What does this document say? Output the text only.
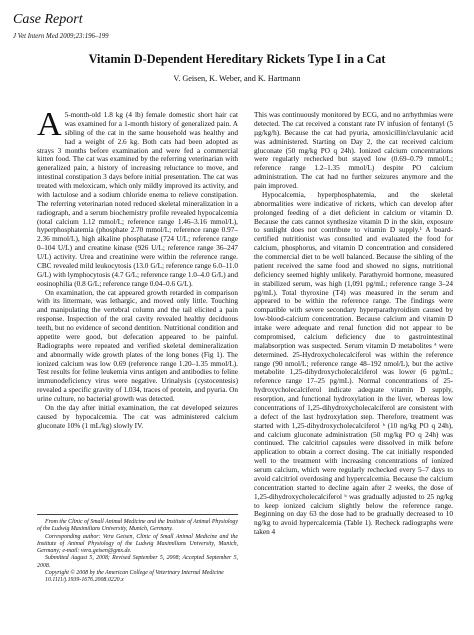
Case Report
J Vet Intern Med 2009;23:196–199
Vitamin D-Dependent Hereditary Rickets Type I in a Cat
V. Geisen, K. Weber, and K. Hartmann

A 5-month-old 1.8 kg (4 lb) female domestic short hair cat was examined for a 1-month history of generalized pain. A sibling of the cat in the same household was healthy and had a weight of 2.6 kg. Both cats had been adopted as strays 3 months before examination and were fed a commercial kitten food. The cat was examined by the referring veterinarian with generalized pain, a history of increasing reluctance to move, and intestinal constipation 3 days before initial presentation. The cat was treated with meloxicam, which only mildly improved its activity, and with lactulose and a sodium chloride enema to relieve constipation. The referring veterinarian noted reduced skeletal mineralization in a radiograph, and a serum biochemistry profile revealed hypocalcemia (total calcium 1.12 mmol/L; reference range 1.46–3.16 mmol/L), hyperphosphatemia (phosphate 2.70 mmol/L; reference range 0.97–2.36 mmol/L), high alkaline phosphatase (724 U/L; reference range 0–104 U/L) and creatine kinase (926 U/L; reference range 36–247 U/L) activity. Urea and creatinine were within the reference range. CBC revealed mild leukocytosis (13.0 G/L; reference range 6.0–11.0 G/L) with lymphocytosis (4.7 G/L; reference range 1.0–4.0 G/L) and eosinophilia (0.8 G/L; reference range 0.04–0.6 G/L).

On examination, the cat appeared growth retarded in comparison with its littermate, was lethargic, and moved only little. Touching and manipulating the vertebral column and the tail elicited a pain response. Inspection of the oral cavity revealed healthy deciduous teeth, but no evidence of second dentition. Nutritional condition and appetite were good, but defecation appeared to be painful. Radiographs were repeated and verified skeletal demineralization and abnormally wide growth plates of the long bones (Fig 1). The ionized calcium was low 0.69 (reference range 1.20–1.35 mmol/L). Test results for feline leukemia virus antigen and antibodies to feline immunodeficiency virus were negative. Urinalysis (cystocentesis) revealed a specific gravity of 1.034, traces of protein, and pyuria. On urine culture, no bacterial growth was detected.

On the day after initial examination, the cat developed seizures caused by hypocalcemia. The cat was administered calcium gluconate 10% (1 mL/kg) slowly IV.

From the Clinic of Small Animal Medicine and the Institute of Animal Physiology of the Ludwig Maximilians University, Munich, Germany.

Corresponding author: Vera Geisen, Clinic of Small Animal Medicine and the Institute of Animal Physiology of the Ludwig Maximilians University, Munich, Germany; e-mail: vera.geisen@gmx.de.

Submitted August 5, 2008; Revised September 5, 2008; Accepted September 5, 2008.

Copyright © 2008 by the American College of Veterinary Internal Medicine

10.1111/j.1939-1676.2008.0220.x

This was continuously monitored by ECG, and no arrhythmias were detected. The cat received a constant rate IV infusion of fentanyl (5 µg/kg/h). Because the cat had pyuria, amoxicillin/clavulanic acid was administered. Starting on Day 2, the cat received calcium gluconate (50 mg/kg PO q 24h). Ionized calcium concentrations were regularly rechecked but stayed low (0.69–0.79 mmol/L; reference range 1.2–1.35 mmol/L) despite PO calcium administration. The cat had no further seizures anymore and the pain improved.

Hypocalcemia, hyperphosphatemia, and the skeletal abnormalities were indicative of rickets, which can develop after prolonged feeding of a diet deficient in calcium or vitamin D. Because the cats cannot synthesize vitamin D in the skin, exposure to sunlight does not contribute to vitamin D supply.¹ A board-certified nutritionist was consulted and evaluated the food for calcium, phosphorus, and vitamin D concentration and considered the commercial diet to be well balanced. Because the sibling of the patient received the same food and showed no signs, nutritional deficiency seemed highly unlikely. Parathyroid hormone, measured in stabilized serum, was high (1,091 pg/mL; reference range 3–24 pg/mL). Total thyroxine (T4) was measured in the serum and appeared to be within the reference range. The findings were compatible with severe secondary hyperparathyroidism caused by low-blood-calcium concentration. Because calcium and vitamin D intake were adequate and renal function did not appear to be compromised, calcium deficiency due to gastrointestinal malabsorption was suspected. Serum vitamin D metabolites ª were determined. 25-Hydroxycholecalciferol was within the reference range (90 nmol/L; reference range 48–192 nmol/L), but the active metabolite 1,25-dihydroxycholecalciferol was lower (6 pg/mL; reference range 17–25 pg/mL). Normal concentrations of 25-hydroxycholecalciferol indicate adequate vitamin D supply, resorption, and functional hydroxylation in the liver, whereas low concentrations of 1,25-dihydroxycholecalciferol are consistent with a defect of the last hydroxylation step. Therefore, treatment was started with 1,25-dihydroxycholecalciferol ᵇ (10 ng/kg PO q 24h), and calcium gluconate administration (50 mg/kg PO q 24h) was continued. The calcitriol capsules were dissolved in milk before application to obtain a correct dosing. The cat initially responded well to the treatment with increasing concentrations of ionized serum calcium, which were regularly rechecked every 5–7 days to avoid calcitriol overdosing and hypercalcemia. Because the calcium concentration started to decline again after 2 weeks, the dose of 1,25-dihydroxycholecalciferol ᵇ was gradually adjusted to 25 ng/kg to keep ionized calcium slightly below the reference range. Beginning on day 63 the dose had to be gradually decreased to 10 ng/kg to avoid hypercalcemia (Table 1). Recheck radiographs were taken 4
